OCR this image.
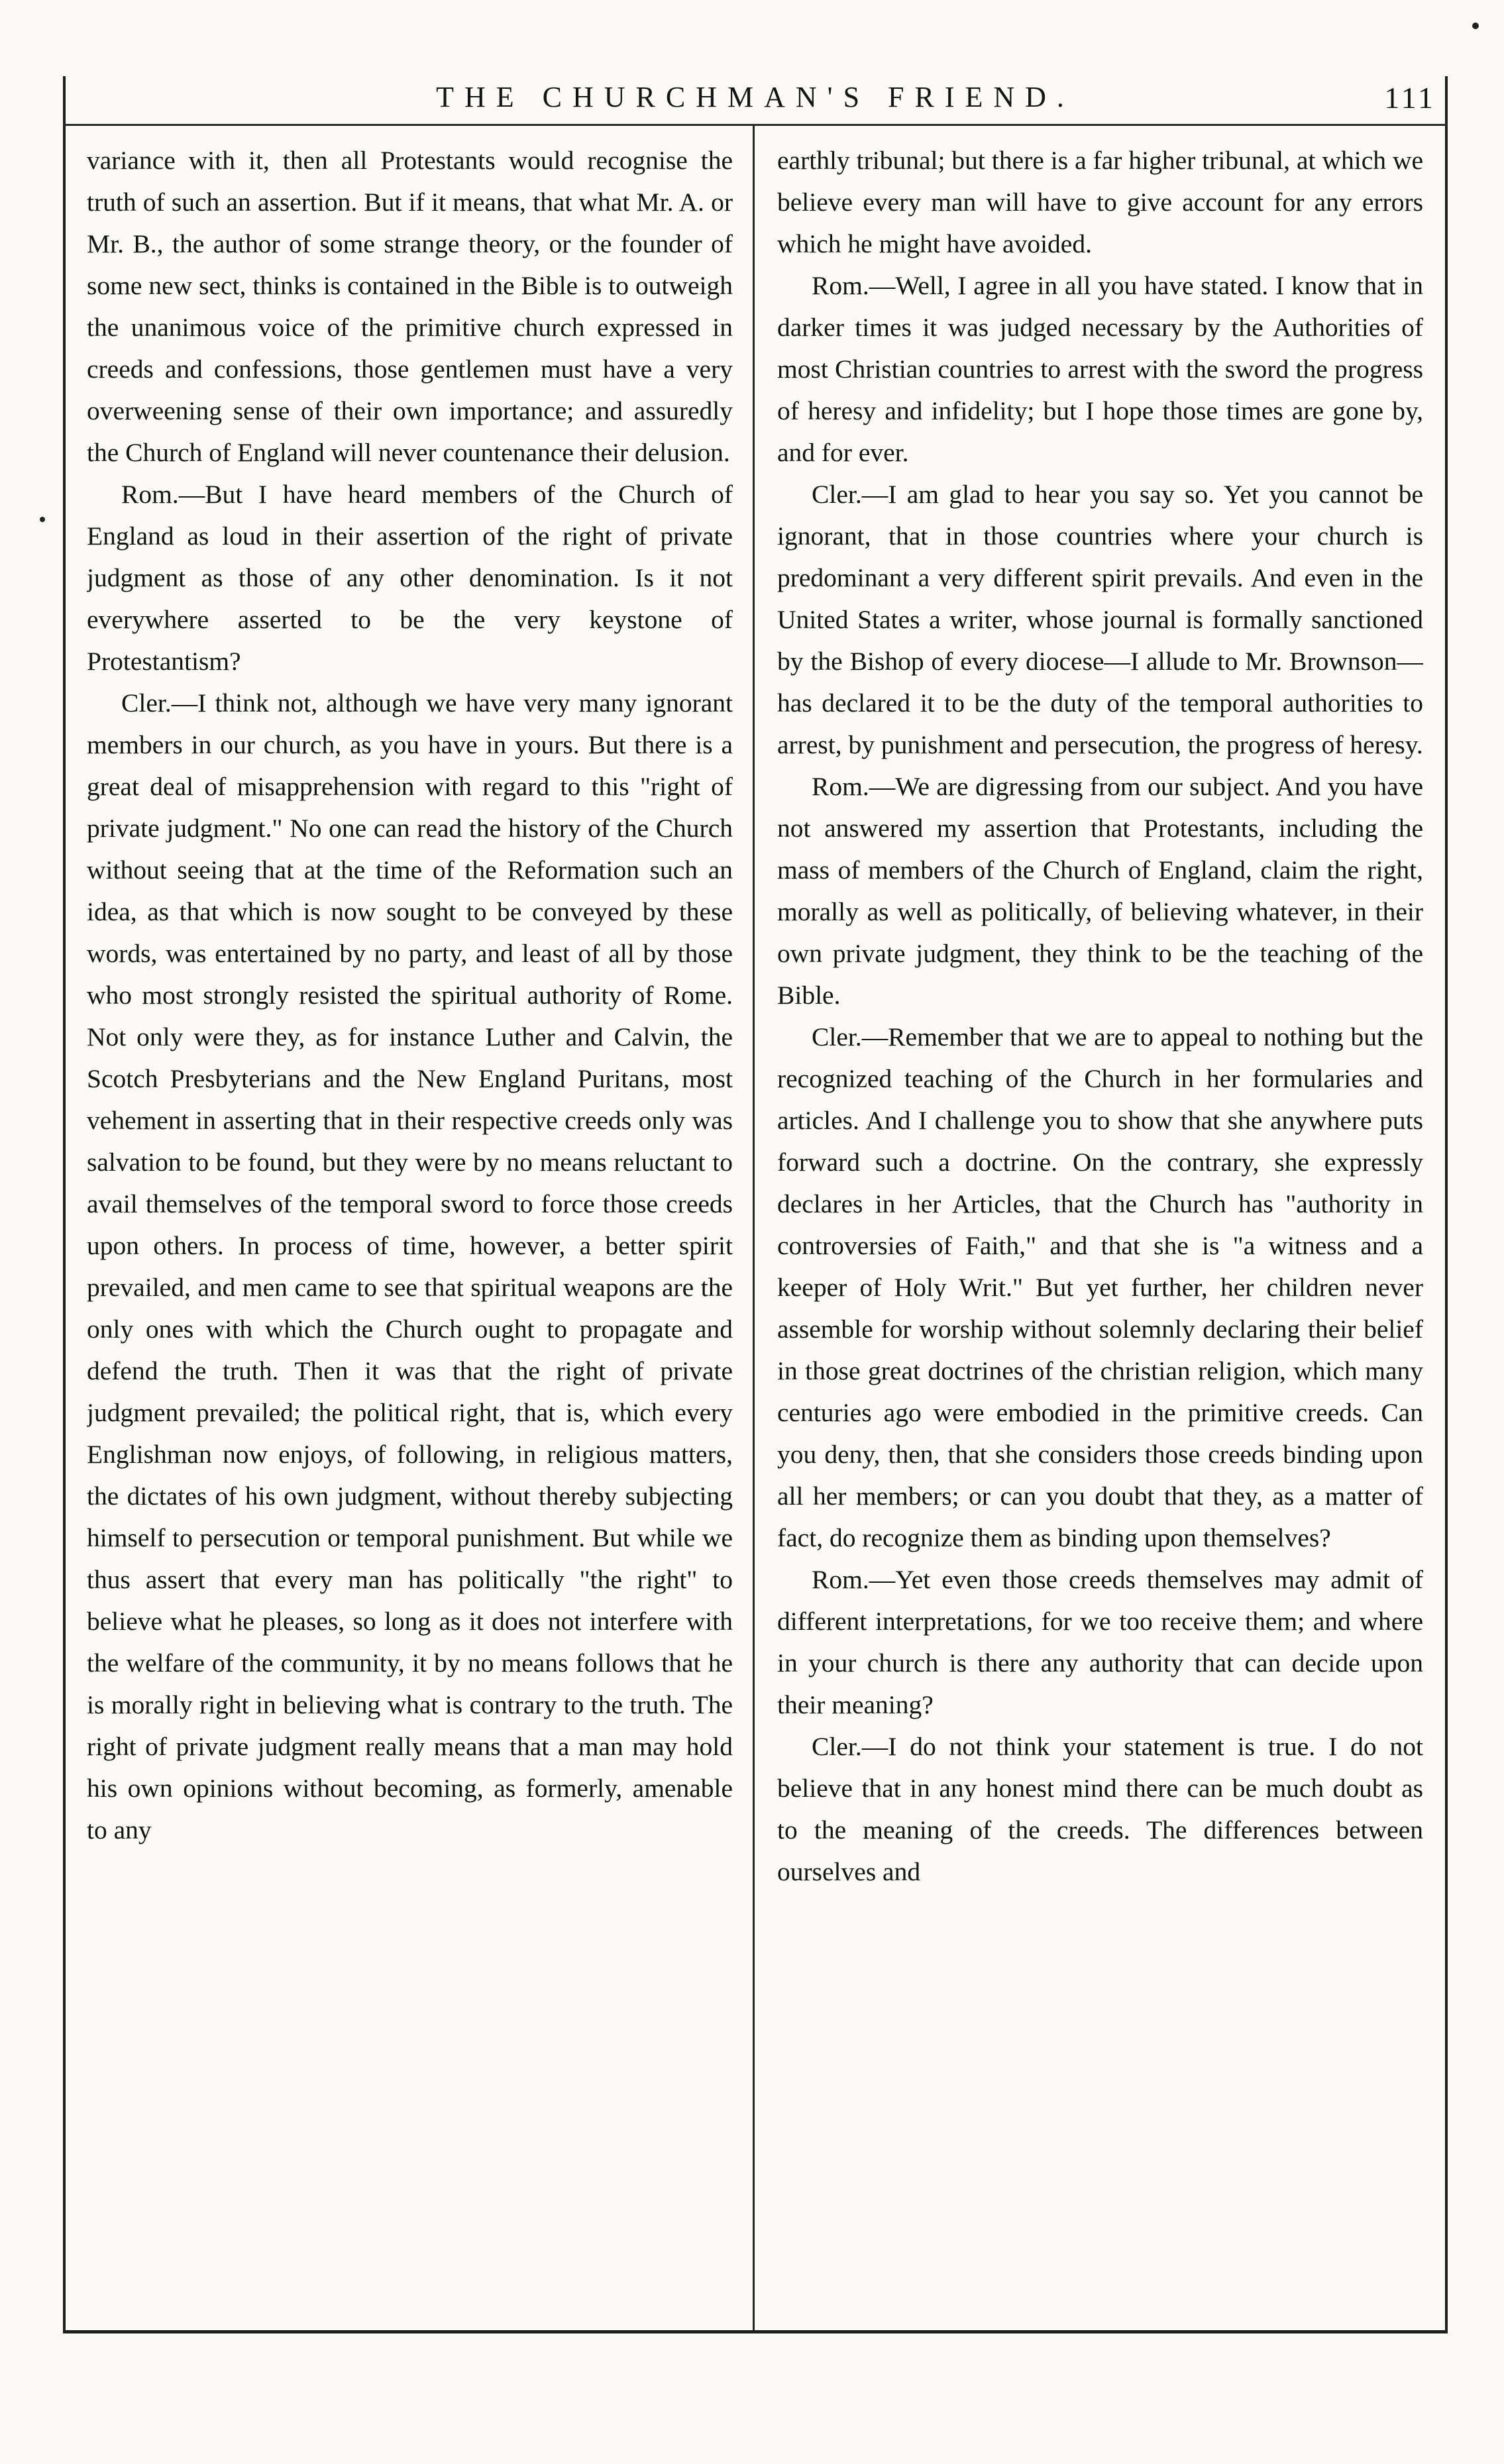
THE CHURCHMAN'S FRIEND.	111

variance with it, then all Protestants would recognise the truth of such an assertion. But if it means, that what Mr. A. or Mr. B., the author of some strange theory, or the founder of some new sect, thinks is contained in the Bible is to outweigh the unanimous voice of the primitive church expressed in creeds and confessions, those gentlemen must have a very overweening sense of their own importance; and assuredly the Church of England will never countenance their delusion.

Rom.—But I have heard members of the Church of England as loud in their assertion of the right of private judgment as those of any other denomination. Is it not everywhere asserted to be the very keystone of Protestantism?

Cler.—I think not, although we have very many ignorant members in our church, as you have in yours. But there is a great deal of misapprehension with regard to this "right of private judgment." No one can read the history of the Church without seeing that at the time of the Reformation such an idea, as that which is now sought to be conveyed by these words, was entertained by no party, and least of all by those who most strongly resisted the spiritual authority of Rome. Not only were they, as for instance Luther and Calvin, the Scotch Presbyterians and the New England Puritans, most vehement in asserting that in their respective creeds only was salvation to be found, but they were by no means reluctant to avail themselves of the temporal sword to force those creeds upon others. In process of time, however, a better spirit prevailed, and men came to see that spiritual weapons are the only ones with which the Church ought to propagate and defend the truth. Then it was that the right of private judgment prevailed; the political right, that is, which every Englishman now enjoys, of following, in religious matters, the dictates of his own judgment, without thereby subjecting himself to persecution or temporal punishment. But while we thus assert that every man has politically "the right" to believe what he pleases, so long as it does not interfere with the welfare of the community, it by no means follows that he is morally right in believing what is contrary to the truth. The right of private judgment really means that a man may hold his own opinions without becoming, as formerly, amenable to any

earthly tribunal; but there is a far higher tribunal, at which we believe every man will have to give account for any errors which he might have avoided.

Rom.—Well, I agree in all you have stated. I know that in darker times it was judged necessary by the Authorities of most Christian countries to arrest with the sword the progress of heresy and infidelity; but I hope those times are gone by, and for ever.

Cler.—I am glad to hear you say so. Yet you cannot be ignorant, that in those countries where your church is predominant a very different spirit prevails. And even in the United States a writer, whose journal is formally sanctioned by the Bishop of every diocese—I allude to Mr. Brownson—has declared it to be the duty of the temporal authorities to arrest, by punishment and persecution, the progress of heresy.

Rom.—We are digressing from our subject. And you have not answered my assertion that Protestants, including the mass of members of the Church of England, claim the right, morally as well as politically, of believing whatever, in their own private judgment, they think to be the teaching of the Bible.

Cler.—Remember that we are to appeal to nothing but the recognized teaching of the Church in her formularies and articles. And I challenge you to show that she anywhere puts forward such a doctrine. On the contrary, she expressly declares in her Articles, that the Church has "authority in controversies of Faith," and that she is "a witness and a keeper of Holy Writ." But yet further, her children never assemble for worship without solemnly declaring their belief in those great doctrines of the christian religion, which many centuries ago were embodied in the primitive creeds. Can you deny, then, that she considers those creeds binding upon all her members; or can you doubt that they, as a matter of fact, do recognize them as binding upon themselves?

Rom.—Yet even those creeds themselves may admit of different interpretations, for we too receive them; and where in your church is there any authority that can decide upon their meaning?

Cler.—I do not think your statement is true. I do not believe that in any honest mind there can be much doubt as to the meaning of the creeds. The differences between ourselves and
